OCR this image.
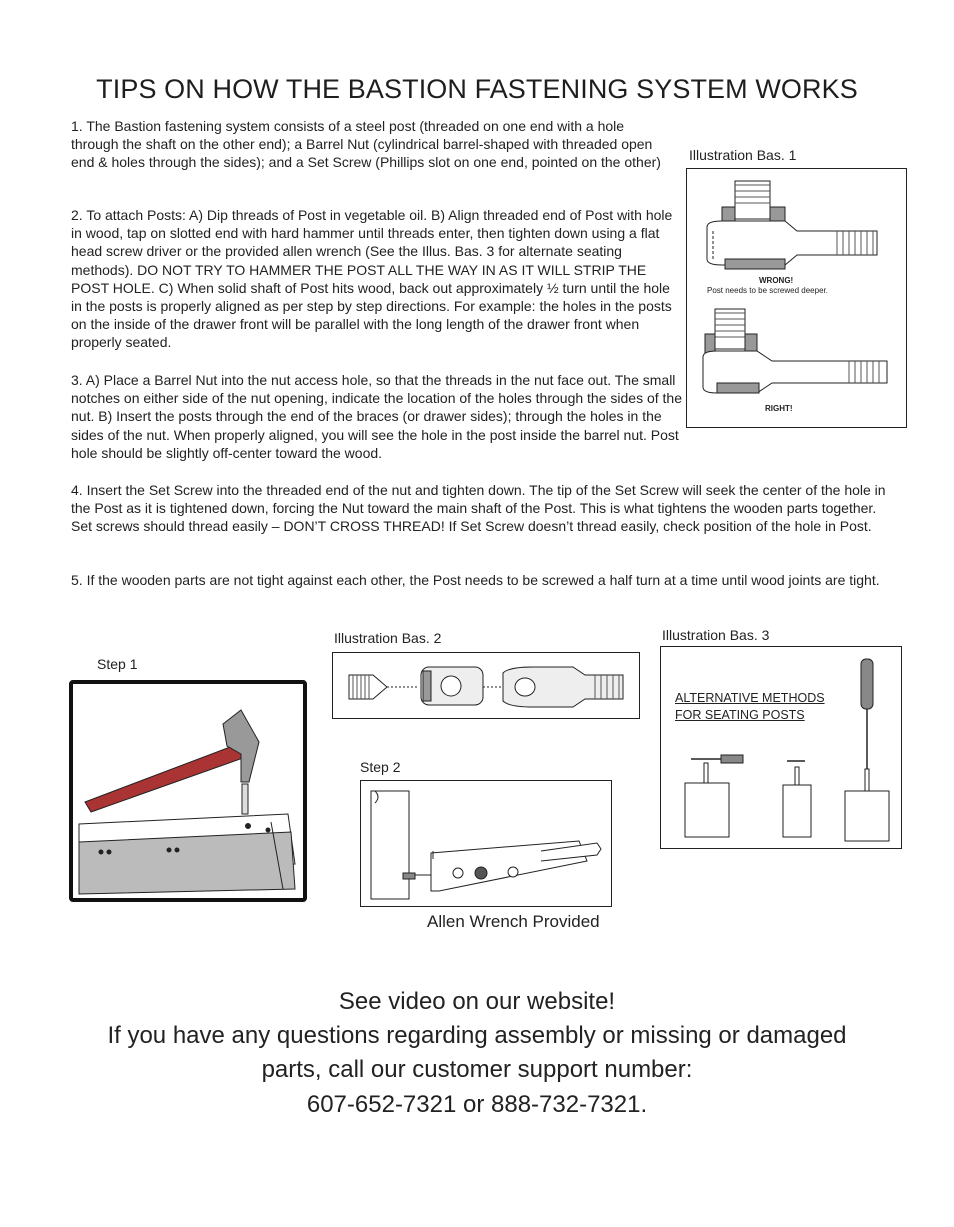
TIPS ON HOW THE BASTION FASTENING SYSTEM WORKS
1. The Bastion fastening system consists of a steel post (threaded on one end with a hole through the shaft on the other end); a Barrel Nut (cylindrical barrel-shaped with threaded open end & holes through the sides); and a Set Screw (Phillips slot on one end, pointed on the other)
2. To attach Posts: A) Dip threads of Post in vegetable oil. B) Align threaded end of Post with hole in wood, tap on slotted end with hard hammer until threads enter, then tighten down using a flat head screw driver or the provided allen wrench (See the Illus. Bas. 3 for alternate seating methods). DO NOT TRY TO HAMMER THE POST ALL THE WAY IN AS IT WILL STRIP THE POST HOLE. C) When solid shaft of Post hits wood, back out approximately ½ turn until the hole in the posts is properly aligned as per step by step directions. For example: the holes in the posts on the inside of the drawer front will be parallel with the long length of the drawer front when properly seated.
3. A) Place a Barrel Nut into the nut access hole, so that the threads in the nut face out. The small notches on either side of the nut opening, indicate the location of the holes through the sides of the nut. B) Insert the posts through the end of the braces (or drawer sides); through the holes in the sides of the nut. When properly aligned, you will see the hole in the post inside the barrel nut. Post hole should be slightly off-center toward the wood.
4. Insert the Set Screw into the threaded end of the nut and tighten down. The tip of the Set Screw will seek the center of the hole in the Post as it is tightened down, forcing the Nut toward the main shaft of the Post. This is what tightens the wooden parts together. Set screws should thread easily – DON’T CROSS THREAD! If Set Screw doesn’t thread easily, check position of the hole in Post.
5. If the wooden parts are not tight against each other, the Post needs to be screwed a half turn at a time until wood joints are tight.
Illustration Bas. 1
WRONG!
Post needs to be screwed deeper.
RIGHT!
Illustration Bas. 2	Illustration Bas. 3
ALTERNATIVE METHODS
FOR SEATING POSTS
Step 1
Step 2
Allen Wrench Provided
See video on our website!
If you have any questions regarding assembly or missing or damaged
parts, call our customer support number:
607-652-7321 or 888-732-7321.
